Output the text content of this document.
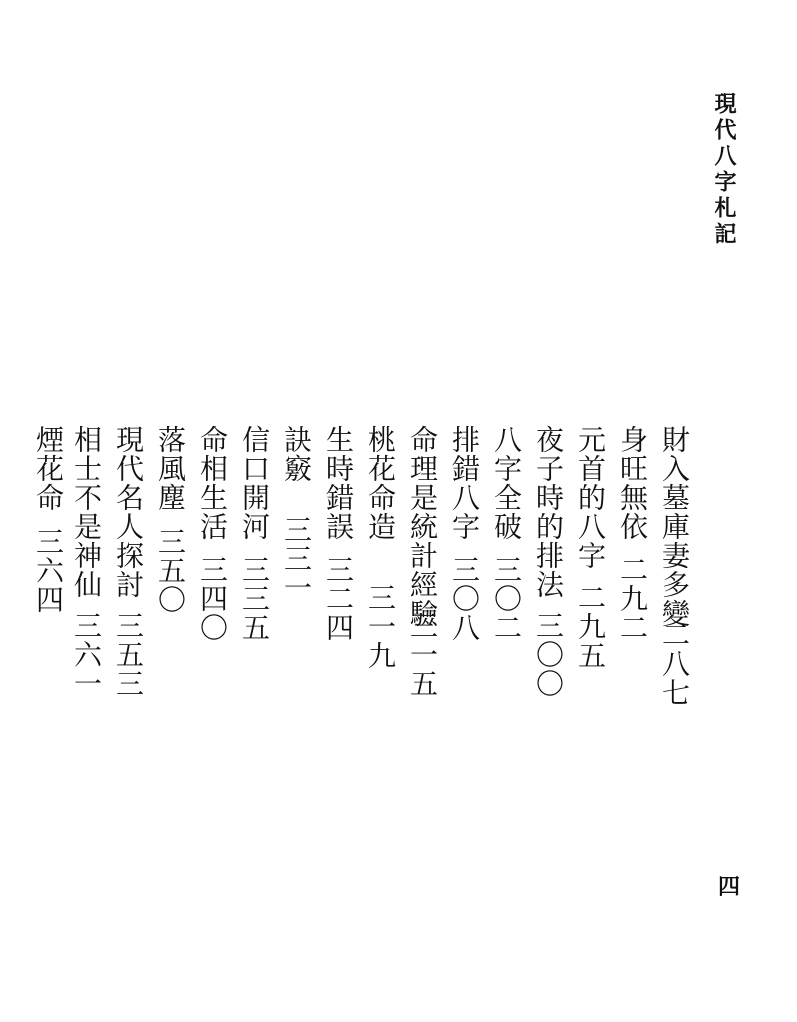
現代八字札記
財入墓庫妻多變
二八七
身旺無依
二九二
元首的八字
二九五
夜子時的排法
三〇〇
八字全破
三〇二
排錯八字
三〇八
命理是統計經驗
三一五
桃花命造
三一九
生時錯誤
三二四
訣竅
三三一
信口開河
三三五
命相生活
三四〇
落風塵
三五〇
現代名人探討
三五三
相士不是神仙
三六一
煙花命
三六四
四
